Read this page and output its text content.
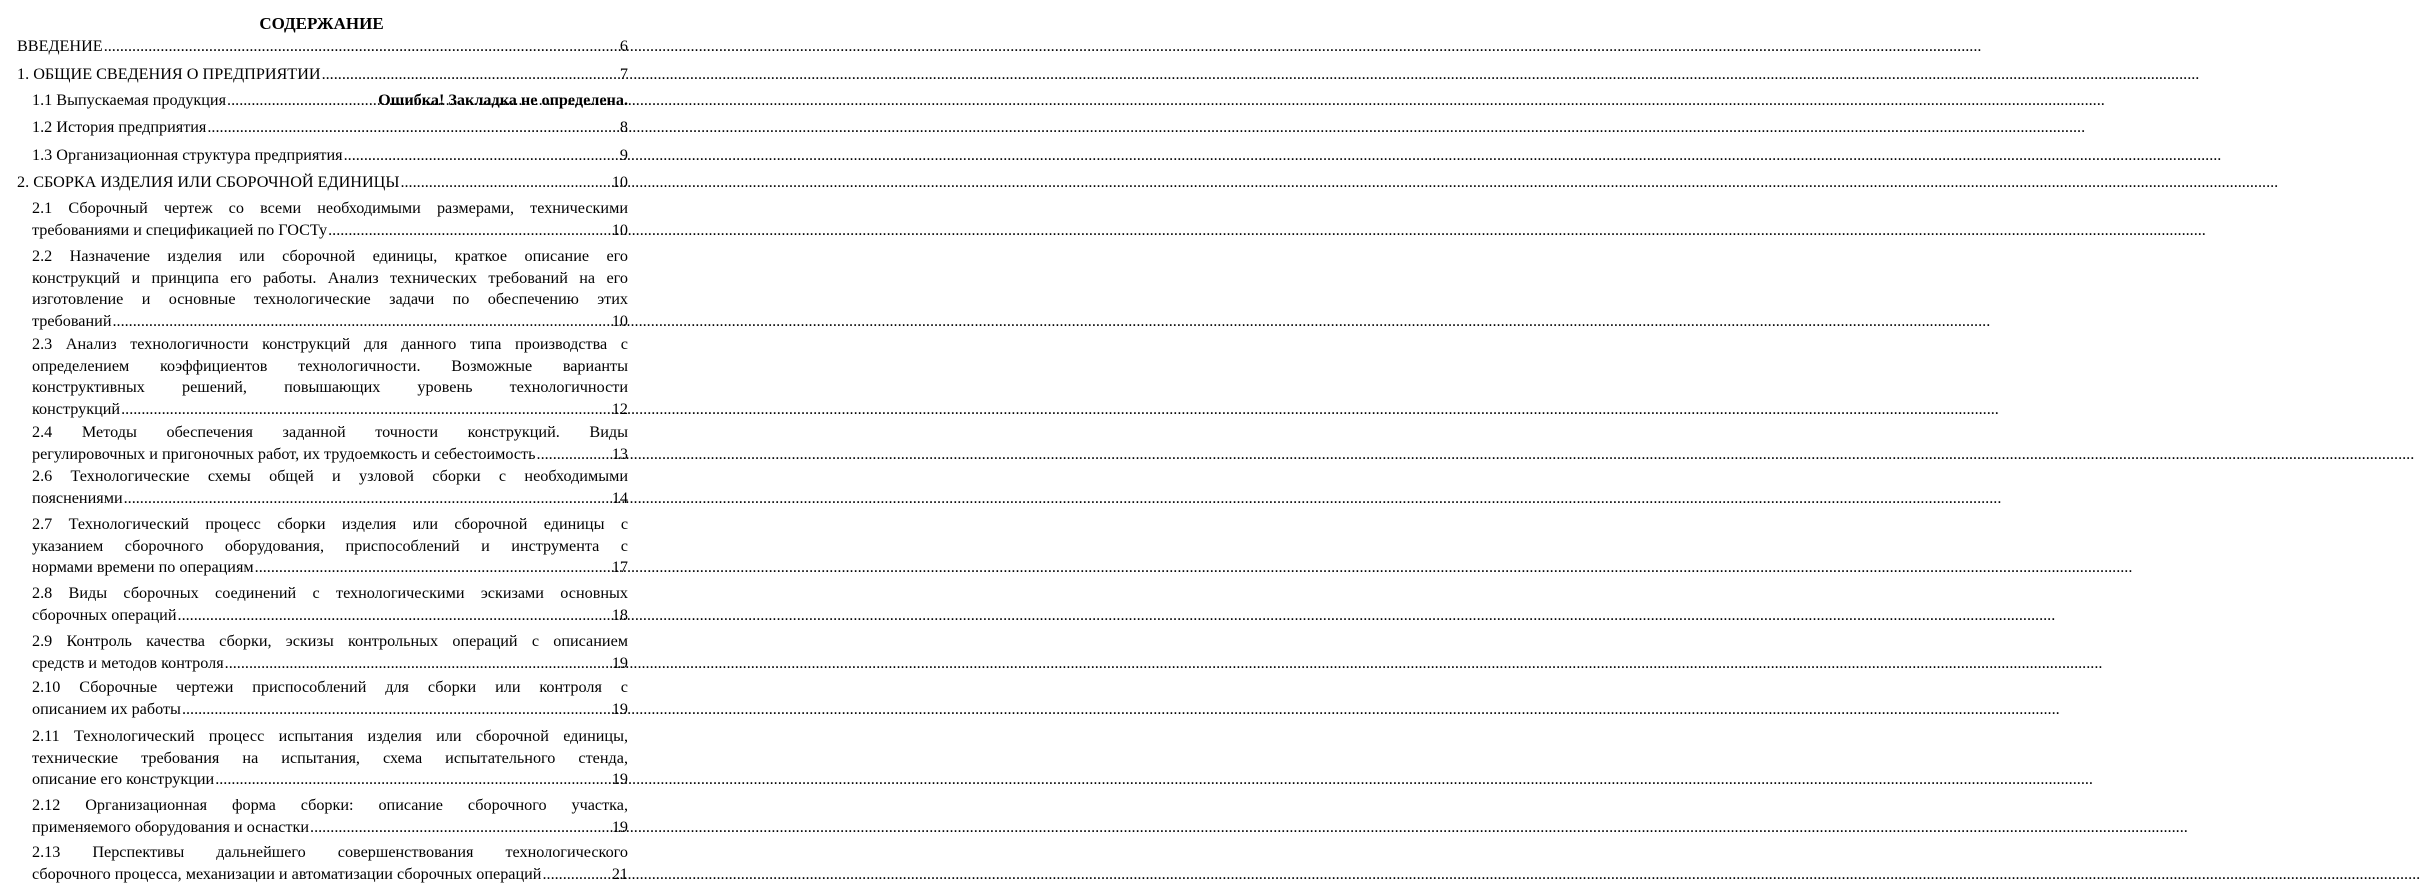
СОДЕРЖАНИЕ
ВВЕДЕНИЕ .....	6
1. ОБЩИЕ СВЕДЕНИЯ О ПРЕДПРИЯТИИ .....	7
1.1 Выпускаемая продукция .....	Ошибка! Закладка не определена.
1.2 История предприятия .....	8
1.3 Организационная структура предприятия .....	9
2. СБОРКА ИЗДЕЛИЯ ИЛИ СБОРОЧНОЙ ЕДИНИЦЫ .....	10
2.1 Сборочный чертеж со всеми необходимыми размерами, техническими
требованиями и спецификацией по ГОСТу .....	10
2.2 Назначение изделия или сборочной единицы, краткое описание его
конструкций и принципа его работы. Анализ технических требований на его
изготовление и основные технологические задачи по обеспечению этих
требований .....	10
2.3 Анализ технологичности конструкций для данного типа производства с
определением коэффициентов технологичности. Возможные варианты
конструктивных решений, повышающих уровень технологичности
конструкций .....	12
2.4 Методы обеспечения заданной точности конструкций. Виды
регулировочных и пригоночных работ, их трудоемкость и себестоимость .....	13
2.6 Технологические схемы общей и узловой сборки с необходимыми
пояснениями .....	14
2.7 Технологический процесс сборки изделия или сборочной единицы с
указанием сборочного оборудования, приспособлений и инструмента с
нормами времени по операциям .....	17
2.8 Виды сборочных соединений с технологическими эскизами основных
сборочных операций .....	18
2.9 Контроль качества сборки, эскизы контрольных операций с описанием
средств и методов контроля .....	19
2.10 Сборочные чертежи приспособлений для сборки или контроля с
описанием их работы .....	19
2.11 Технологический процесс испытания изделия или сборочной единицы,
технические требования на испытания, схема испытательного стенда,
описание его конструкции .....	19
2.12 Организационная форма сборки: описание сборочного участка,
применяемого оборудования и оснастки .....	19
2.13 Перспективы дальнейшего совершенствования технологического
сборочного процесса, механизации и автоматизации сборочных операций .....	21
